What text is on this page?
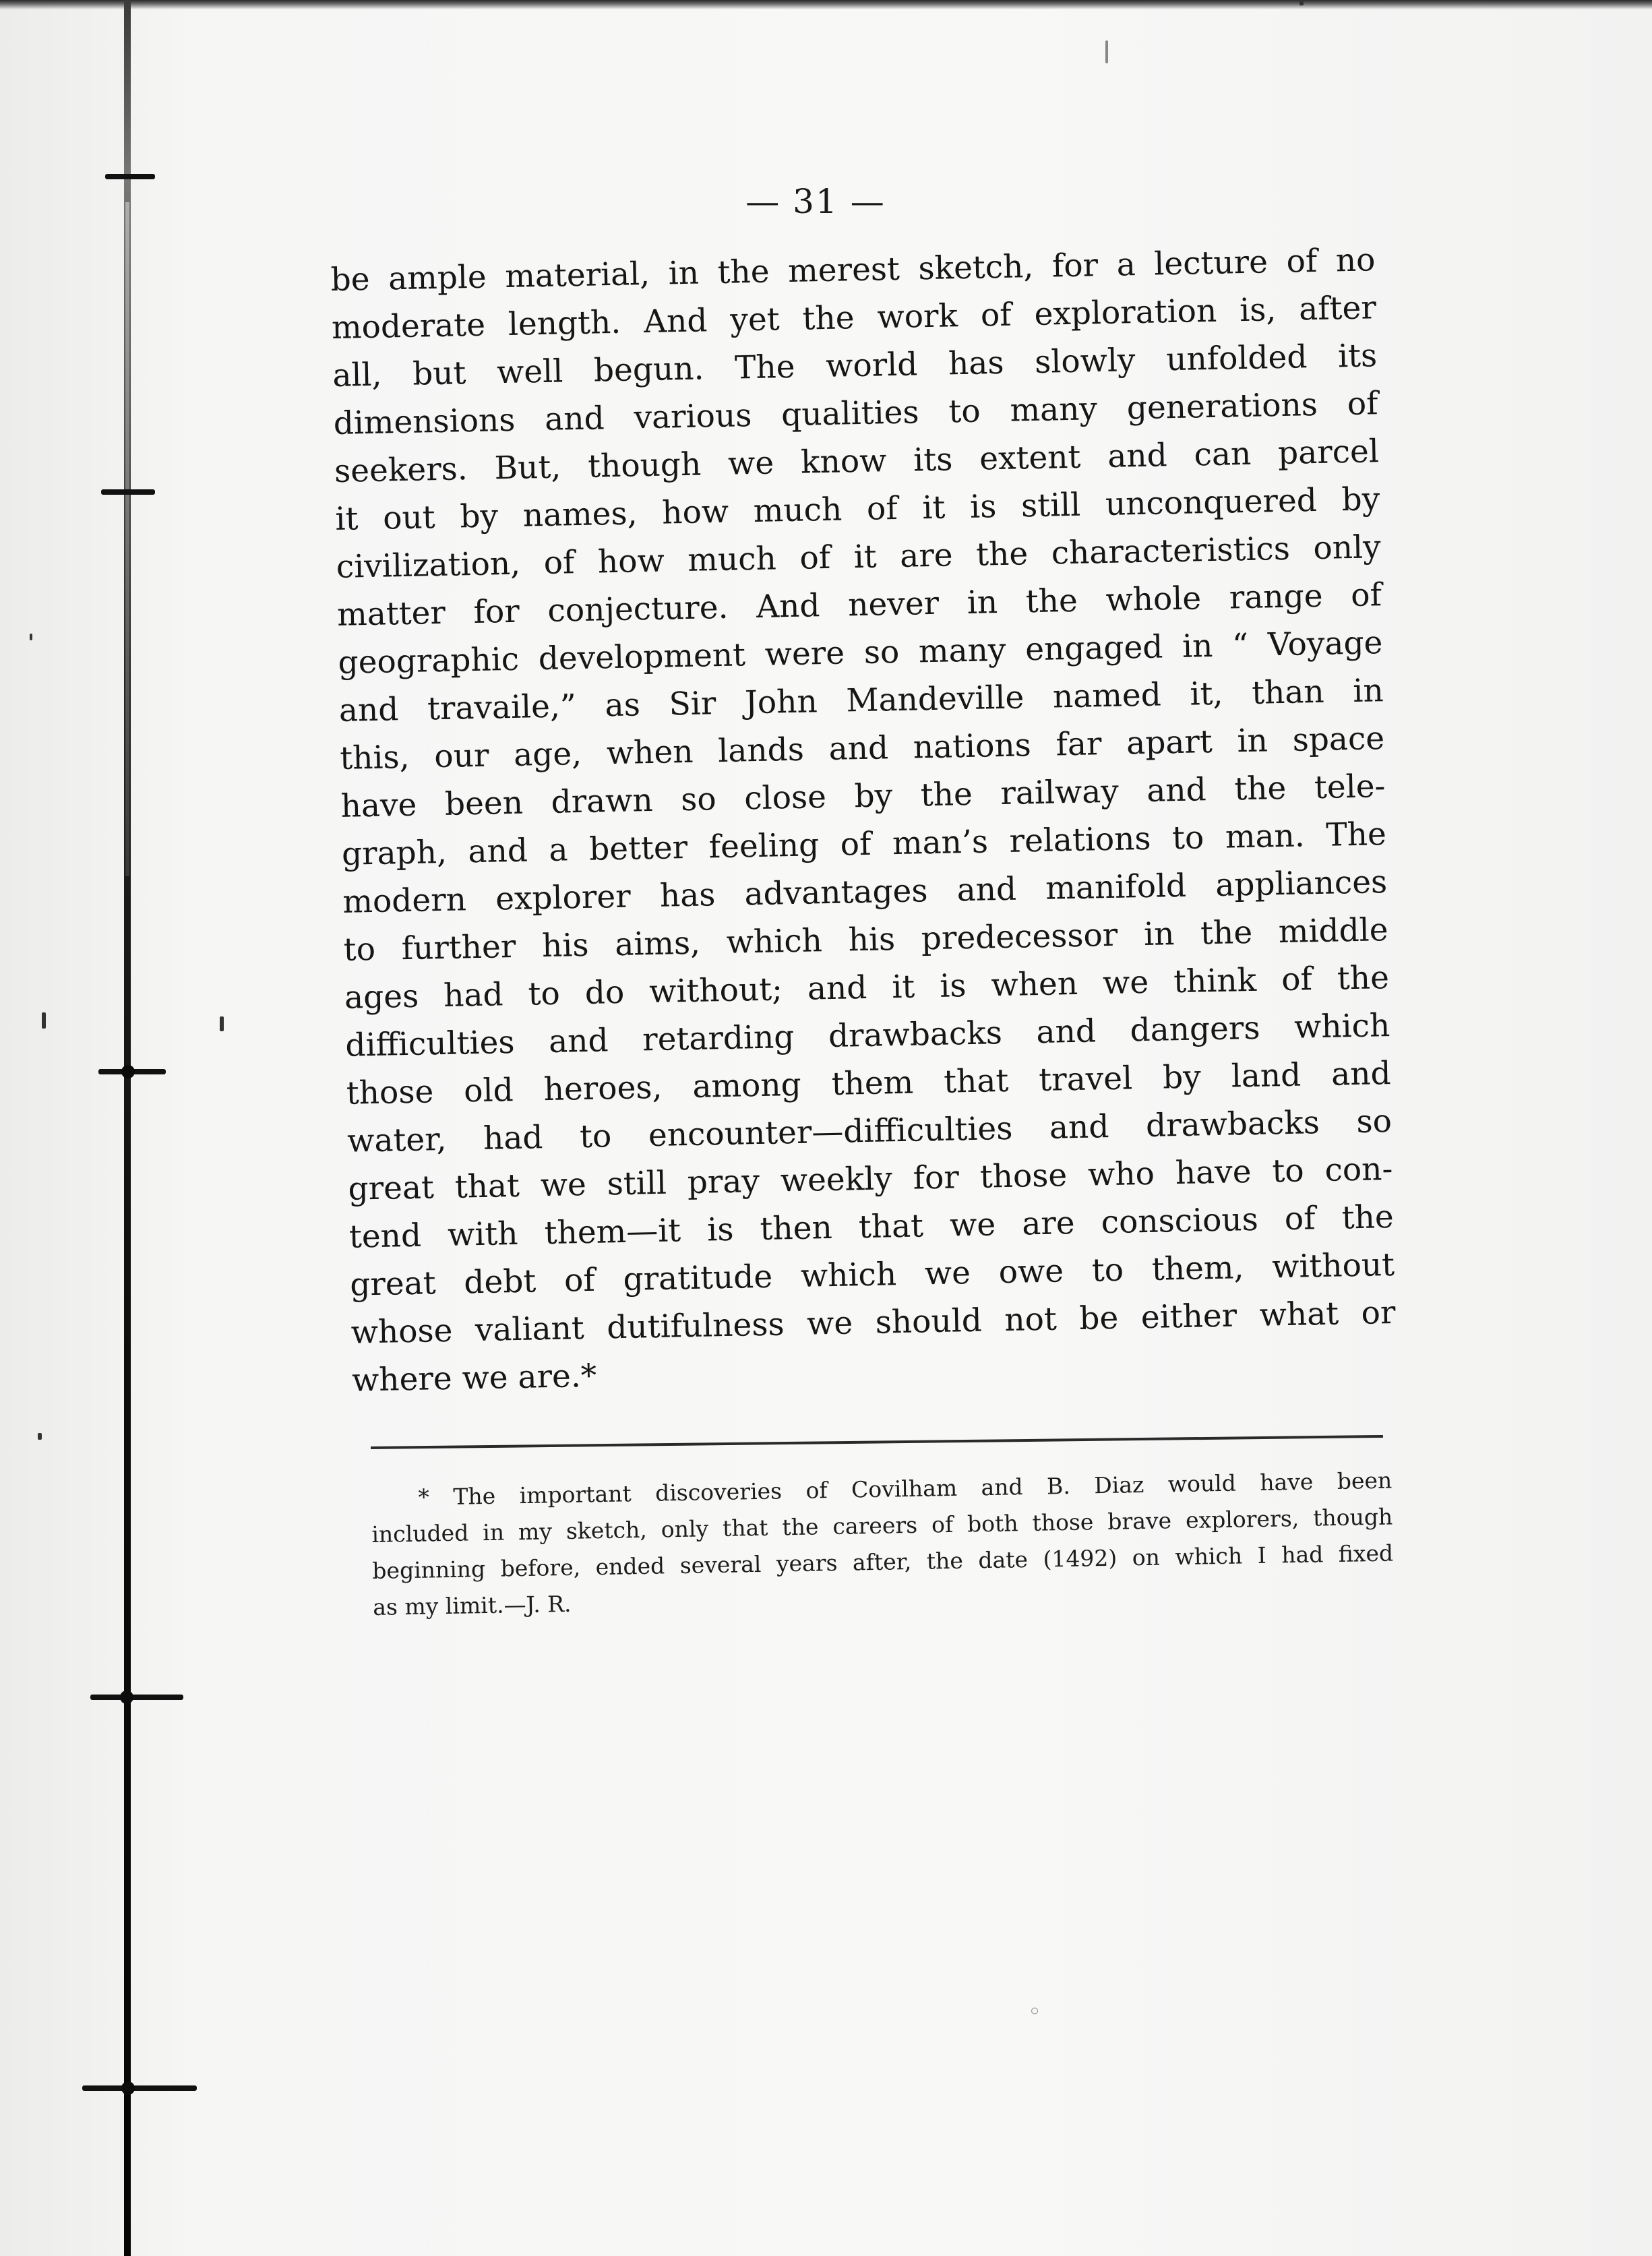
◦
— 31 —
be ample material, in the merest sketch, for a lecture of no
moderate length. And yet the work of exploration is, after
all, but well begun. The world has slowly unfolded its
dimensions and various qualities to many generations of
seekers. But, though we know its extent and can parcel
it out by names, how much of it is still unconquered by
civilization, of how much of it are the characteristics only
matter for conjecture. And never in the whole range of
geographic development were so many engaged in “ Voyage
and travaile,” as Sir John Mandeville named it, than in
this, our age, when lands and nations far apart in space
have been drawn so close by the railway and the tele-
graph, and a better feeling of man’s relations to man. The
modern explorer has advantages and manifold appliances
to further his aims, which his predecessor in the middle
ages had to do without; and it is when we think of the
difficulties and retarding drawbacks and dangers which
those old heroes, among them that travel by land and
water, had to encounter—difficulties and drawbacks so
great that we still pray weekly for those who have to con-
tend with them—it is then that we are conscious of the
great debt of gratitude which we owe to them, without
whose valiant dutifulness we should not be either what or
where we are.*
* The important discoveries of Covilham and B. Diaz would have been
included in my sketch, only that the careers of both those brave explorers, though
beginning before, ended several years after, the date (1492) on which I had fixed
as my limit.—J. R.
